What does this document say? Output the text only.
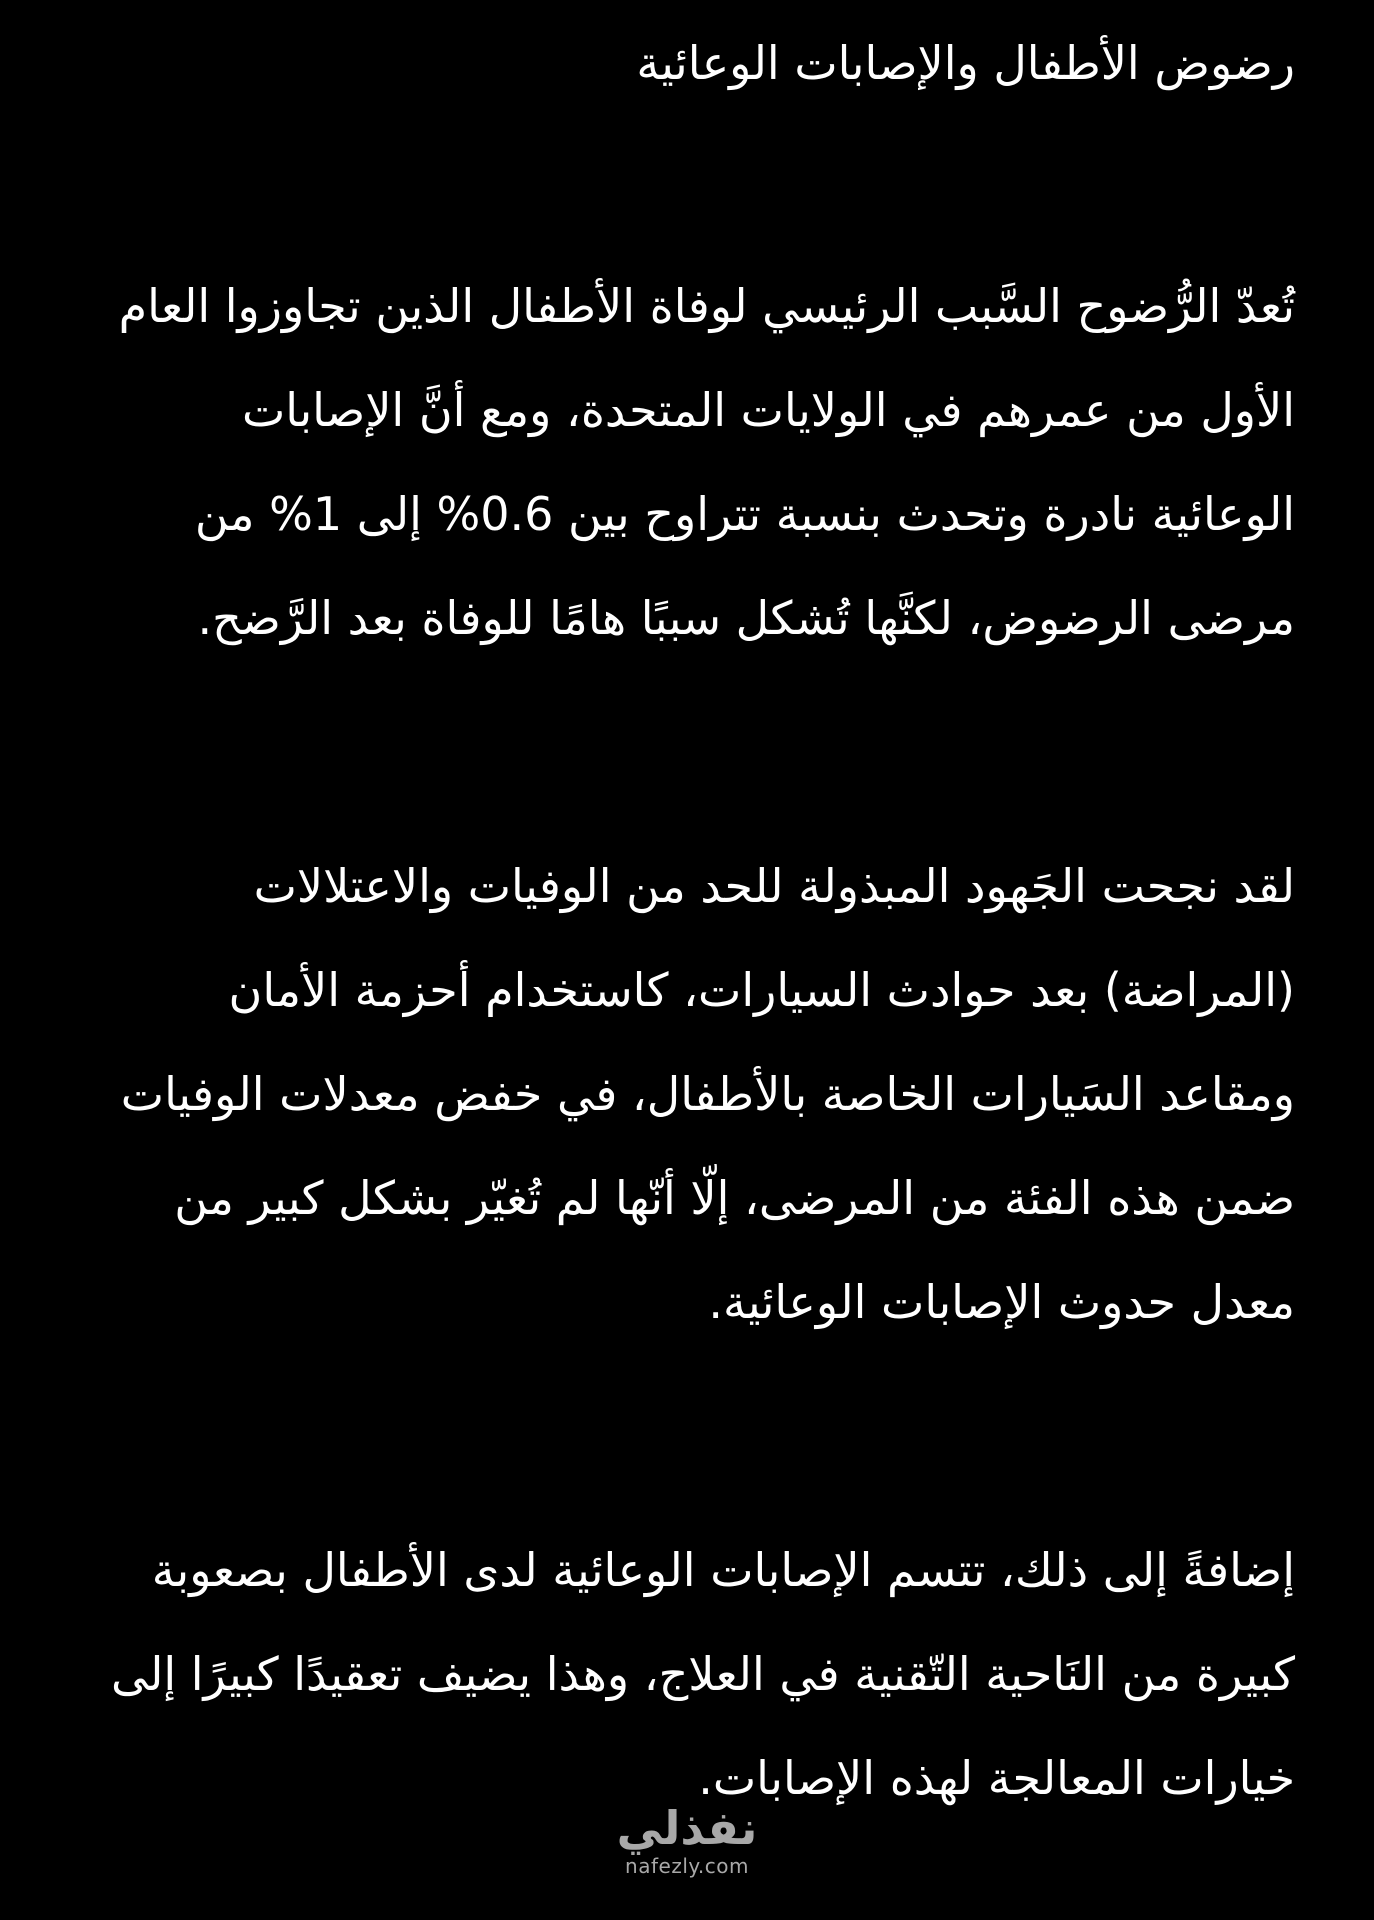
رضوض الأطفال والإصابات الوعائية

تُعدّ الرُّضوح السَّبب الرئيسي لوفاة الأطفال الذين تجاوزوا العام الأول من عمرهم في الولايات المتحدة، ومع أنَّ الإصابات الوعائية نادرة وتحدث بنسبة تتراوح بين 0.6% إلى 1% من مرضى الرضوض، لكنَّها تُشكل سببًا هامًا للوفاة بعد الرَّضح.

لقد نجحت الجَهود المبذولة للحد من الوفيات والاعتلالات (المراضة) بعد حوادث السيارات، كاستخدام أحزمة الأمان ومقاعد السَيارات الخاصة بالأطفال، في خفض معدلات الوفيات ضمن هذه الفئة من المرضى، إلّا أنّها لم تُغيّر بشكل كبير من معدل حدوث الإصابات الوعائية.

إضافةً إلى ذلك، تتسم الإصابات الوعائية لدى الأطفال بصعوبة كبيرة من النَاحية التّقنية في العلاج، وهذا يضيف تعقيدًا كبيرًا إلى خيارات المعالجة لهذه الإصابات.

نفذلي
nafezly.com
